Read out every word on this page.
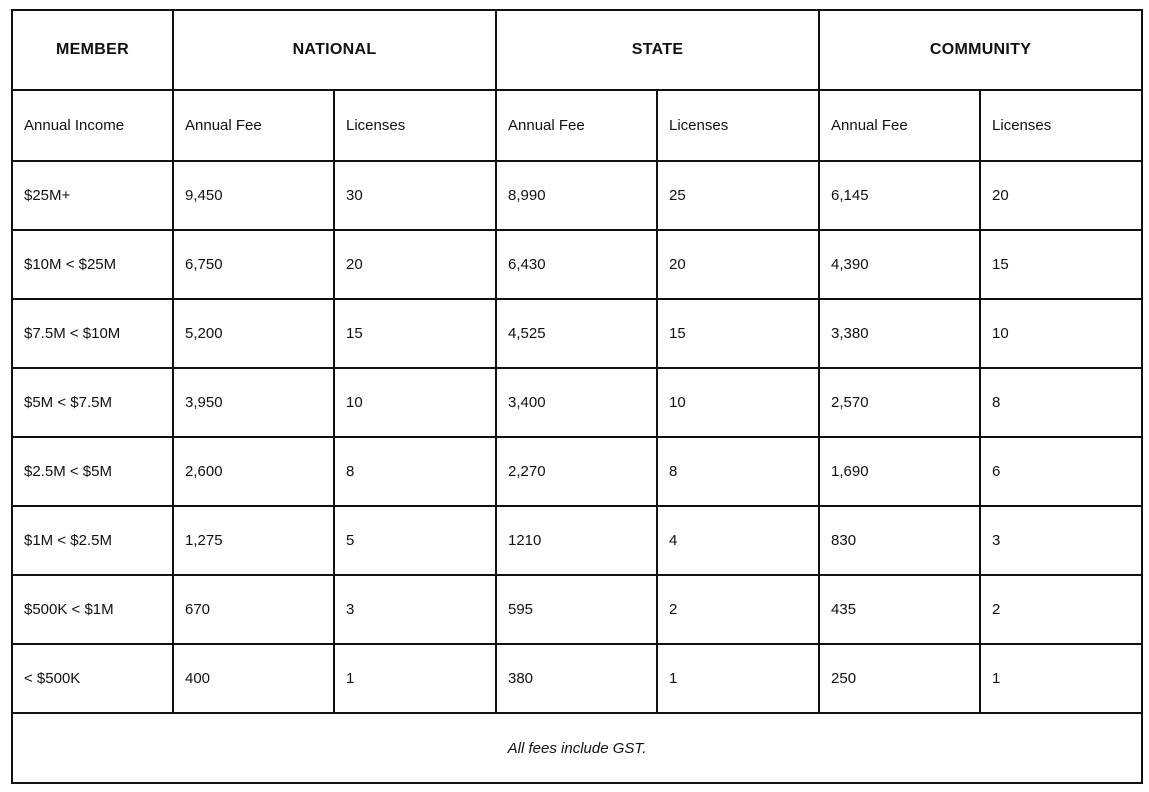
MEMBER	NATIONAL		STATE		COMMUNITY	
Annual Income	Annual Fee	Licenses	Annual Fee	Licenses	Annual Fee	Licenses
$25M+	9,450	30	8,990	25	6,145	20
$10M < $25M	6,750	20	6,430	20	4,390	15
$7.5M < $10M	5,200	15	4,525	15	3,380	10
$5M < $7.5M	3,950	10	3,400	10	2,570	8
$2.5M < $5M	2,600	8	2,270	8	1,690	6
$1M < $2.5M	1,275	5	1210	4	830	3
$500K < $1M	670	3	595	2	435	2
< $500K	400	1	380	1	250	1
All fees include GST.						
